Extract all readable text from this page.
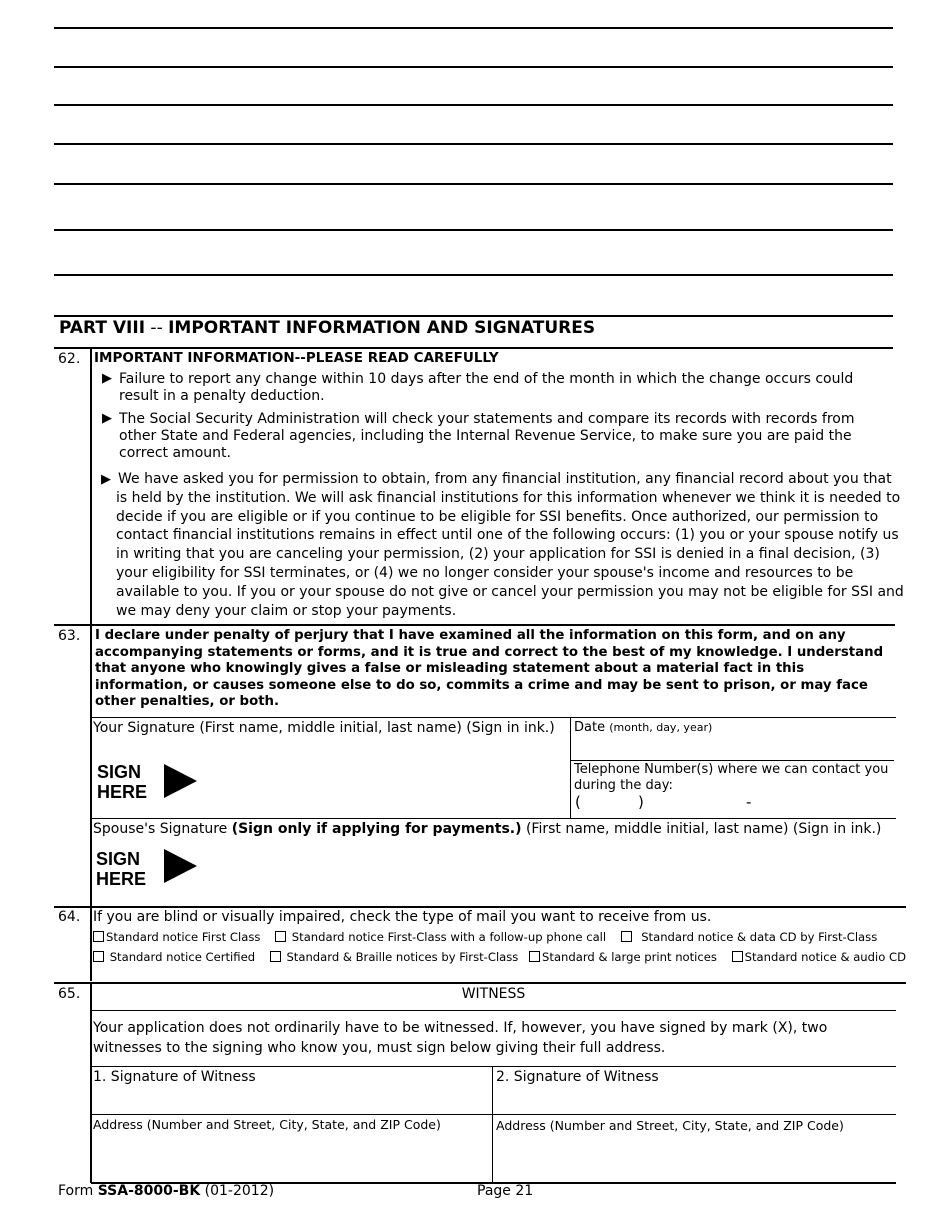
PART VIII -- IMPORTANT INFORMATION AND SIGNATURES
62. IMPORTANT INFORMATION--PLEASE READ CAREFULLY
▶ Failure to report any change within 10 days after the end of the month in which the change occurs could result in a penalty deduction.
▶ The Social Security Administration will check your statements and compare its records with records from other State and Federal agencies, including the Internal Revenue Service, to make sure you are paid the correct amount.
▶ We have asked you for permission to obtain, from any financial institution, any financial record about you that is held by the institution. We will ask financial institutions for this information whenever we think it is needed to decide if you are eligible or if you continue to be eligible for SSI benefits. Once authorized, our permission to contact financial institutions remains in effect until one of the following occurs: (1) you or your spouse notify us in writing that you are canceling your permission, (2) your application for SSI is denied in a final decision, (3) your eligibility for SSI terminates, or (4) we no longer consider your spouse's income and resources to be available to you. If you or your spouse do not give or cancel your permission you may not be eligible for SSI and we may deny your claim or stop your payments.
63. I declare under penalty of perjury that I have examined all the information on this form, and on any accompanying statements or forms, and it is true and correct to the best of my knowledge. I understand that anyone who knowingly gives a false or misleading statement about a material fact in this information, or causes someone else to do so, commits a crime and may be sent to prison, or may face other penalties, or both.
Your Signature (First name, middle initial, last name) (Sign in ink.) Date (month, day, year)
Telephone Number(s) where we can contact you during the day:
(	)	-
SIGN
HERE
Spouse's Signature (Sign only if applying for payments.) (First name, middle initial, last name) (Sign in ink.)
SIGN
HERE
64. If you are blind or visually impaired, check the type of mail you want to receive from us.
Standard notice First Class	Standard notice First-Class with a follow-up phone call	Standard notice & data CD by First-Class
Standard notice Certified	Standard & Braille notices by First-Class Standard & large print notices Standard notice & audio CD
65.	WITNESS
Your application does not ordinarily have to be witnessed. If, however, you have signed by mark (X), two witnesses to the signing who know you, must sign below giving their full address.
1. Signature of Witness	2. Signature of Witness
Address (Number and Street, City, State, and ZIP Code)	Address (Number and Street, City, State, and ZIP Code)
Form SSA-8000-BK (01-2012)	Page 21
